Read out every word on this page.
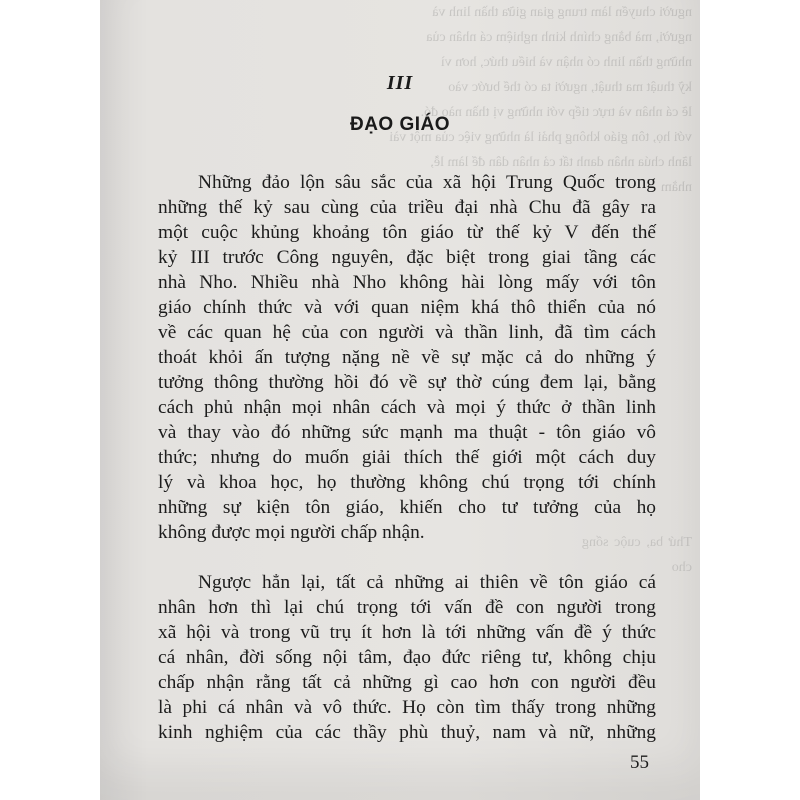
người chuyển làm trung gian giữa thần linh và
người, mà bằng chính kinh nghiệm cá nhân của
những thần linh có nhận và hiểu thức, hơn vì
kỹ thuật ma thuật, người ta có thể bước vào
lẽ cá nhân và trực tiếp với những vị thần nào đó.
với họ, tôn giáo không phải là những việc của một vài
lãnh chúa nhân danh tất cả nhân dân để làm lễ,
nhằm
Thứ ba, cuộc sống
cho
III
ĐẠO GIÁO
Những đảo lộn sâu sắc của xã hội Trung Quốc trong
những thế kỷ sau cùng của triều đại nhà Chu đã gây ra
một cuộc khủng khoảng tôn giáo từ thế kỷ V đến thế
kỷ III trước Công nguyên, đặc biệt trong giai tầng các
nhà Nho. Nhiều nhà Nho không hài lòng mấy với tôn
giáo chính thức và với quan niệm khá thô thiển của nó
về các quan hệ của con người và thần linh, đã tìm cách
thoát khỏi ấn tượng nặng nề về sự mặc cả do những ý
tưởng thông thường hồi đó về sự thờ cúng đem lại, bằng
cách phủ nhận mọi nhân cách và mọi ý thức ở thần linh
và thay vào đó những sức mạnh ma thuật - tôn giáo vô
thức; nhưng do muốn giải thích thế giới một cách duy
lý và khoa học, họ thường không chú trọng tới chính
những sự kiện tôn giáo, khiến cho tư tưởng của họ
không được mọi người chấp nhận.
Ngược hẳn lại, tất cả những ai thiên về tôn giáo cá
nhân hơn thì lại chú trọng tới vấn đề con người trong
xã hội và trong vũ trụ ít hơn là tới những vấn đề ý thức
cá nhân, đời sống nội tâm, đạo đức riêng tư, không chịu
chấp nhận rằng tất cả những gì cao hơn con người đều
là phi cá nhân và vô thức. Họ còn tìm thấy trong những
kinh nghiệm của các thầy phù thuỷ, nam và nữ, những
55
